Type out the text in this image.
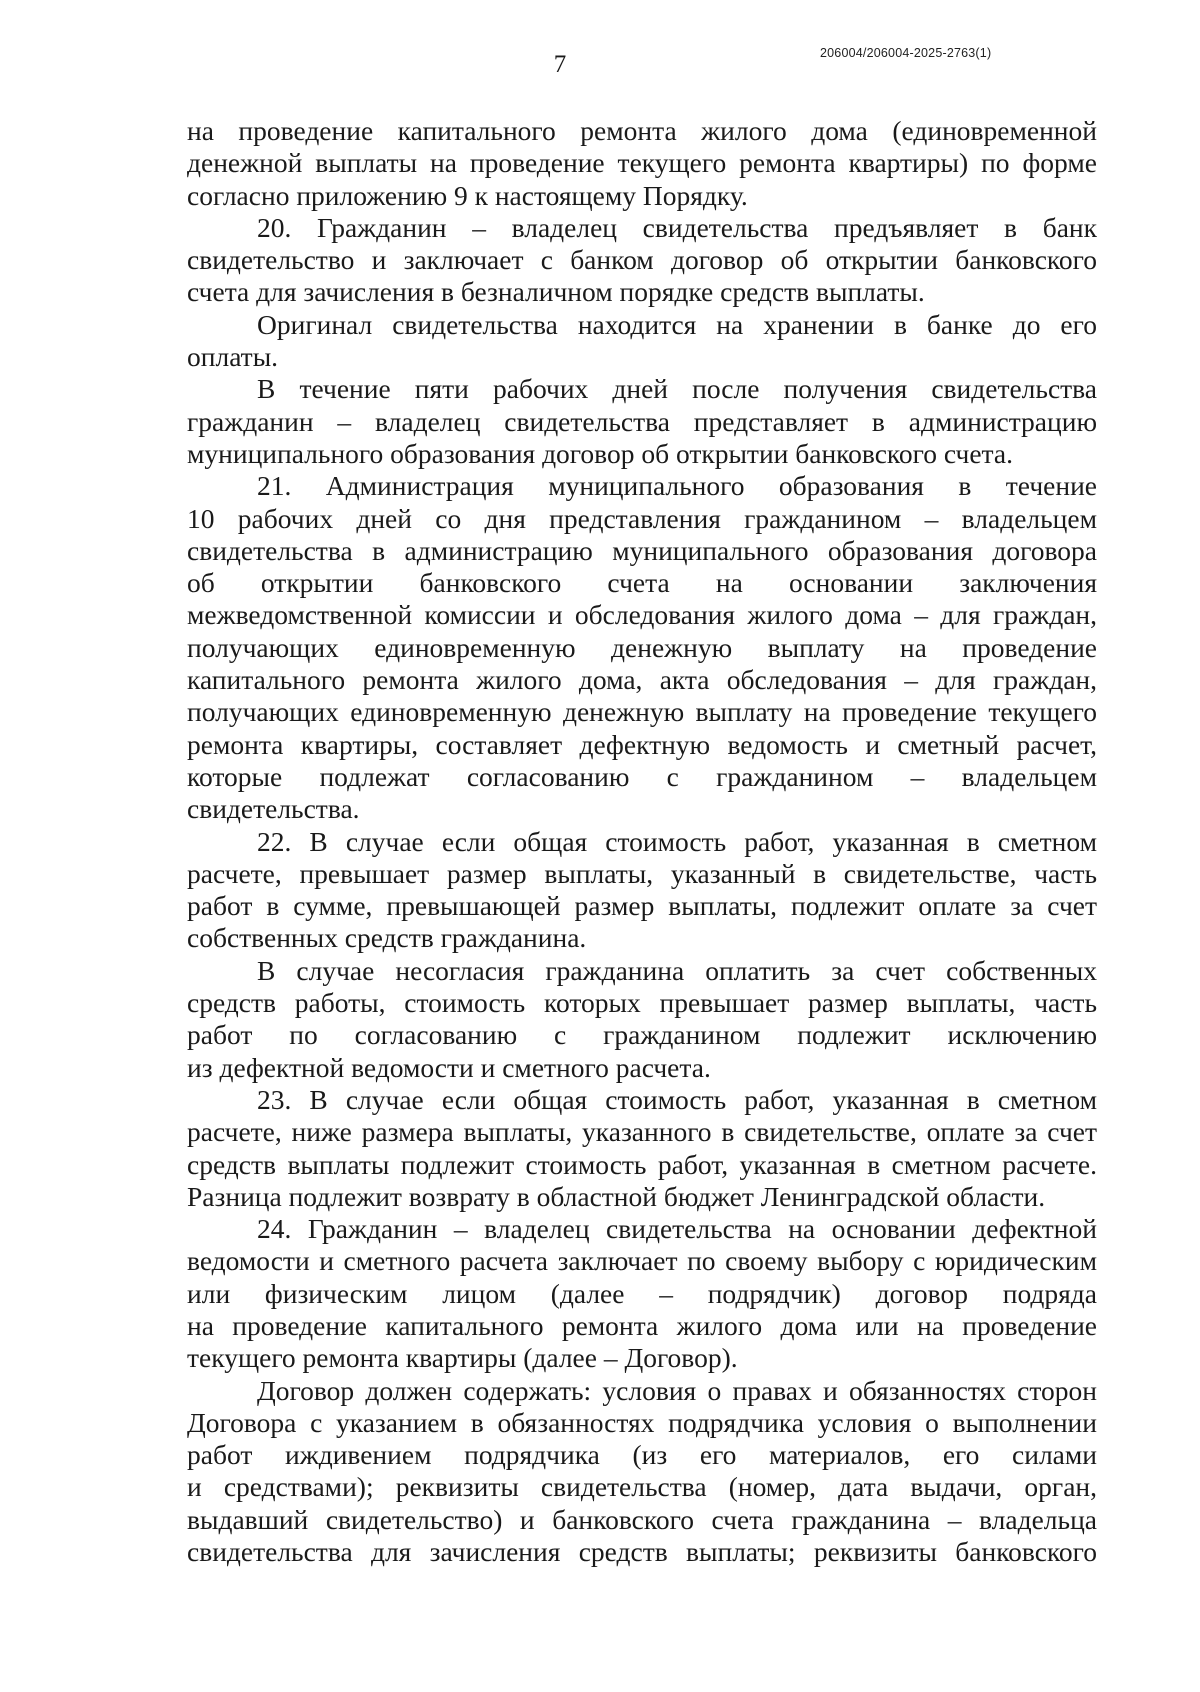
7	206004/206004-2025-2763(1)

на проведение капитального ремонта жилого дома (единовременной
денежной выплаты на проведение текущего ремонта квартиры) по форме
согласно приложению 9 к настоящему Порядку.

20. Гражданин – владелец свидетельства предъявляет в банк
свидетельство и заключает с банком договор об открытии банковского
счета для зачисления в безналичном порядке средств выплаты.

Оригинал свидетельства находится на хранении в банке до его
оплаты.

В течение пяти рабочих дней после получения свидетельства
гражданин – владелец свидетельства представляет в администрацию
муниципального образования договор об открытии банковского счета.

21. Администрация муниципального образования в течение
10 рабочих дней со дня представления гражданином – владельцем
свидетельства в администрацию муниципального образования договора
об открытии банковского счета на основании заключения
межведомственной комиссии и обследования жилого дома – для граждан,
получающих единовременную денежную выплату на проведение
капитального ремонта жилого дома, акта обследования – для граждан,
получающих единовременную денежную выплату на проведение текущего
ремонта квартиры, составляет дефектную ведомость и сметный расчет,
которые подлежат согласованию с гражданином – владельцем
свидетельства.

22. В случае если общая стоимость работ, указанная в сметном
расчете, превышает размер выплаты, указанный в свидетельстве, часть
работ в сумме, превышающей размер выплаты, подлежит оплате за счет
собственных средств гражданина.

В случае несогласия гражданина оплатить за счет собственных
средств работы, стоимость которых превышает размер выплаты, часть
работ по согласованию с гражданином подлежит исключению
из дефектной ведомости и сметного расчета.

23. В случае если общая стоимость работ, указанная в сметном
расчете, ниже размера выплаты, указанного в свидетельстве, оплате за счет
средств выплаты подлежит стоимость работ, указанная в сметном расчете.
Разница подлежит возврату в областной бюджет Ленинградской области.

24. Гражданин – владелец свидетельства на основании дефектной
ведомости и сметного расчета заключает по своему выбору с юридическим
или физическим лицом (далее – подрядчик) договор подряда
на проведение капитального ремонта жилого дома или на проведение
текущего ремонта квартиры (далее – Договор).

Договор должен содержать: условия о правах и обязанностях сторон
Договора с указанием в обязанностях подрядчика условия о выполнении
работ иждивением подрядчика (из его материалов, его силами
и средствами); реквизиты свидетельства (номер, дата выдачи, орган,
выдавший свидетельство) и банковского счета гражданина – владельца
свидетельства для зачисления средств выплаты; реквизиты банковского
